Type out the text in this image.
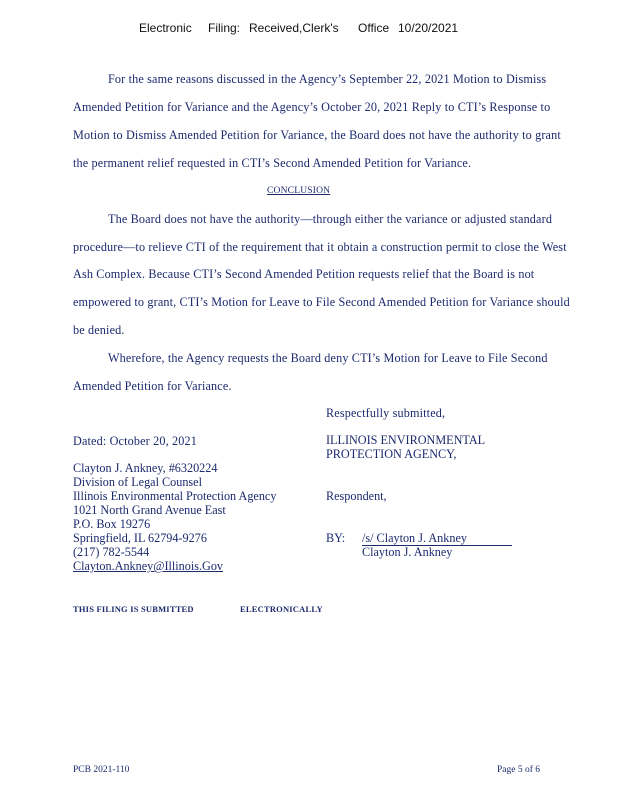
Electronic Filing: Received,Clerk's Office 10/20/2021
For the same reasons discussed in the Agency’s September 22, 2021 Motion to Dismiss
Amended Petition for Variance and the Agency’s October 20, 2021 Reply to CTI’s Response to
Motion to Dismiss Amended Petition for Variance, the Board does not have the authority to grant
the permanent relief requested in CTI’s Second Amended Petition for Variance.
CONCLUSION
The Board does not have the authority—through either the variance or adjusted standard
procedure—to relieve CTI of the requirement that it obtain a construction permit to close the West
Ash Complex. Because CTI’s Second Amended Petition requests relief that the Board is not
empowered to grant, CTI’s Motion for Leave to File Second Amended Petition for Variance should
be denied.
Wherefore, the Agency requests the Board deny CTI’s Motion for Leave to File Second
Amended Petition for Variance.
Respectfully submitted,
Dated: October 20, 2021	ILLINOIS ENVIRONMENTAL
PROTECTION AGENCY,
Respondent,
BY: /s/ Clayton J. Ankney
Clayton J. Ankney
Clayton J. Ankney, #6320224
Division of Legal Counsel
Illinois Environmental Protection Agency
1021 North Grand Avenue East
P.O. Box 19276
Springfield, IL 62794-9276
(217) 782-5544
Clayton.Ankney@Illinois.Gov
THIS FILING IS SUBMITTED	ELECTRONICALLY
PCB 2021-110	Page 5 of 6
